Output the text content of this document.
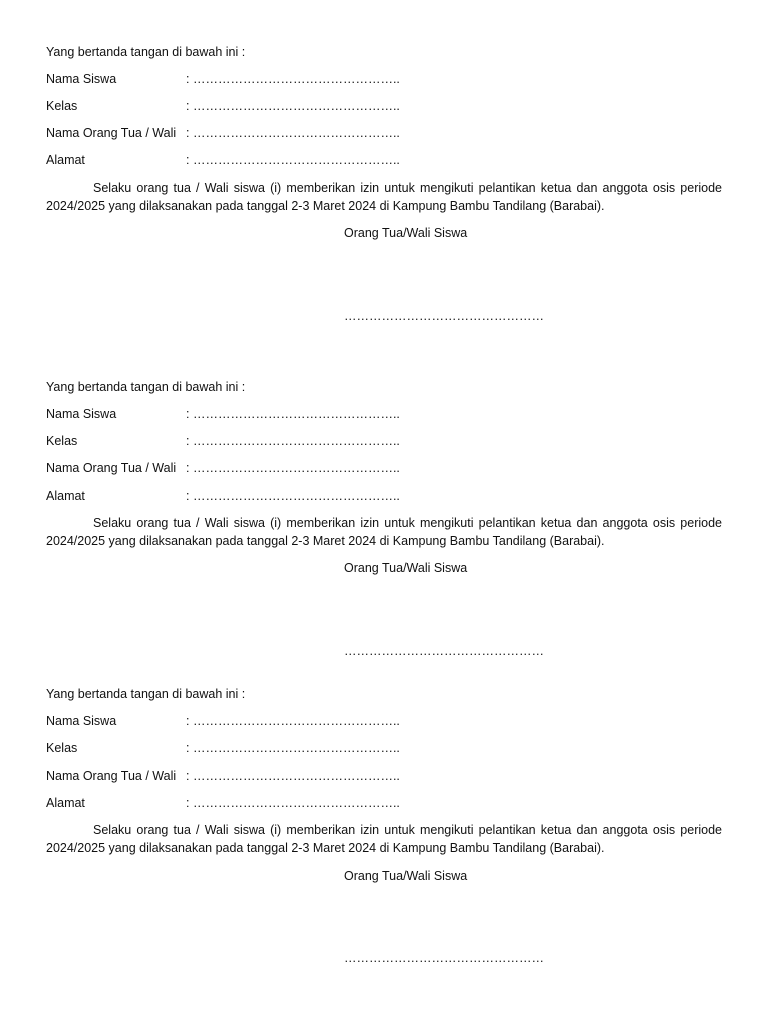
Yang bertanda tangan di bawah ini :
Nama Siswa	: …………………………………………..
Kelas	: …………………………………………..
Nama Orang Tua / Wali : …………………………………………..
Alamat	: …………………………………………..
Selaku orang tua / Wali siswa (i) memberikan izin untuk mengikuti pelantikan ketua dan anggota osis periode 2024/2025 yang dilaksanakan pada tanggal 2-3 Maret 2024 di Kampung Bambu Tandilang (Barabai).
Orang Tua/Wali Siswa
…………………………………………
Yang bertanda tangan di bawah ini :
Nama Siswa	: …………………………………………..
Kelas	: …………………………………………..
Nama Orang Tua / Wali : …………………………………………..
Alamat	: …………………………………………..
Selaku orang tua / Wali siswa (i) memberikan izin untuk mengikuti pelantikan ketua dan anggota osis periode 2024/2025 yang dilaksanakan pada tanggal 2-3 Maret 2024 di Kampung Bambu Tandilang (Barabai).
Orang Tua/Wali Siswa
…………………………………………
Yang bertanda tangan di bawah ini :
Nama Siswa	: …………………………………………..
Kelas	: …………………………………………..
Nama Orang Tua / Wali : …………………………………………..
Alamat	: …………………………………………..
Selaku orang tua / Wali siswa (i) memberikan izin untuk mengikuti pelantikan ketua dan anggota osis periode 2024/2025 yang dilaksanakan pada tanggal 2-3 Maret 2024 di Kampung Bambu Tandilang (Barabai).
Orang Tua/Wali Siswa
…………………………………………
